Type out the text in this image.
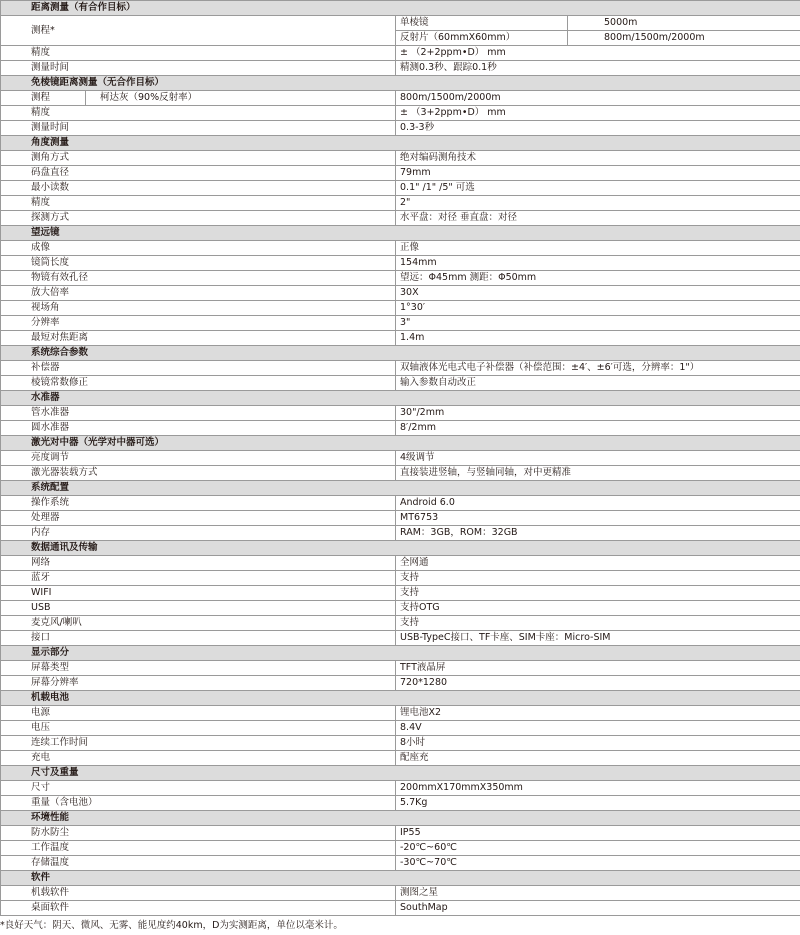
距离测量（有合作目标）			
测程*		单棱镜	5000m
		反射片（60mmX60mm）	800m/1500m/2000m
精度		± （2+2ppm•D） mm	
测量时间		精测0.3秒、跟踪0.1秒	
免棱镜距离测量（无合作目标）			
测程	柯达灰（90%反射率）	800m/1500m/2000m	
精度		± （3+2ppm•D） mm	
测量时间		0.3-3秒	
角度测量			
测角方式		绝对编码测角技术	
码盘直径		79mm	
最小读数		0.1" /1" /5" 可选	
精度		2"	
探测方式		水平盘：对径 垂直盘：对径	
望远镜			
成像		正像	
镜筒长度		154mm	
物镜有效孔径		望远：Φ45mm 测距：Φ50mm	
放大倍率		30X	
视场角		1°30′	
分辨率		3"	
最短对焦距离		1.4m	
系统综合参数			
补偿器		双轴液体光电式电子补偿器（补偿范围：±4′、±6′可选，分辨率：1"）	
棱镜常数修正		输入参数自动改正	
水准器			
管水准器		30"/2mm	
圆水准器		8′/2mm	
激光对中器（光学对中器可选）			
亮度调节		4级调节	
激光器装载方式		直接装进竖轴，与竖轴同轴，对中更精准	
系统配置			
操作系统		Android 6.0	
处理器		MT6753	
内存		RAM：3GB，ROM：32GB	
数据通讯及传输			
网络		全网通	
蓝牙		支持	
WIFI		支持	
USB		支持OTG	
麦克风/喇叭		支持	
接口		USB-TypeC接口、TF卡座、SIM卡座：Micro-SIM	
显示部分			
屏幕类型		TFT液晶屏	
屏幕分辨率		720*1280	
机载电池			
电源		锂电池X2	
电压		8.4V	
连续工作时间		8小时	
充电		配座充	
尺寸及重量			
尺寸		200mmX170mmX350mm	
重量（含电池）		5.7Kg	
环境性能			
防水防尘		IP55	
工作温度		-20℃~60℃	
存储温度		-30℃~70℃	
软件			
机载软件		测图之星	
桌面软件		SouthMap	
*良好天气：阴天、微风、无雾、能见度约40km，D为实测距离，单位以毫米计。
